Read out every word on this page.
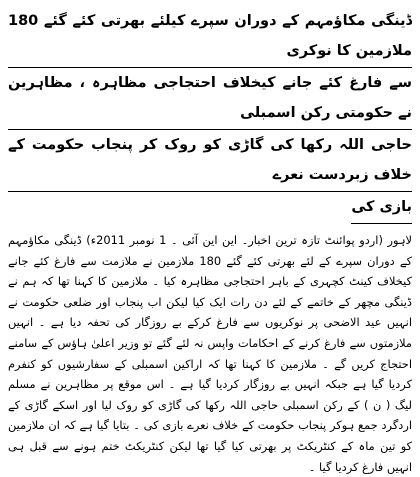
ڈینگی مکاؤمہم کے دوران سپرے کیلئے بھرتی کئے گئے 180 ملازمین کا نوکری
سے فارغ کئے جانے کیخلاف احتجاجی مظاہرہ ، مظاہرین نے حکومتی رکن اسمبلی
حاجی اللہ رکھا کی گاڑی کو روک کر پنجاب حکومت کے خلاف زبردست نعرے
بازی کی

لاہور (اردو پوائنٹ تازہ ترین اخبار۔ این این آئی ۔ 1 نومبر 2011ء) ڈینگی مکاؤمہم کے دوران سپرے کے لئے بھرتی کئے گئے 180 ملازمین نے ملازمت سے فارغ کئے جانے کیخلاف کینٹ کچہری کے باہر احتجاجی مظاہرہ کیا ۔ ملازمین کا کہنا تھا کہ ہم نے ڈینگی مچھر کے خاتمے کے لئے دن رات ایک کیا لیکن اب پنجاب اور ضلعی حکومت نے انہیں عید الاضحی پر نوکریوں سے فارغ کرکے بے روزگار کی تحفہ دیا ہے ۔ انہیں ملازمتوں سے فارغ کرنے کے احکامات واپس نہ لئے گئے تو وزیر اعلیٰ ہاؤس کے سامنے احتجاج کریں گے ۔ ملازمین کا کہنا تھا کہ اراکین اسمبلی کے سفارشیوں کو کنفرم کردیا گیا ہے جبکہ انہیں بے روزگار کردیا گیا ہے ۔ اس موقع پر مظاہرین نے مسلم لیگ ( ن ) کے رکن اسمبلی حاجی اللہ رکھا کی گاڑی کو روک لیا اور اسکے گاڑی کے اردگرد جمع ہوکر پنجاب حکومت کے خلاف نعرے بازی کی ۔ بتایا گیا ہے کہ ان ملازمین کو تین ماہ کے کنٹریکٹ پر بھرتی کیا گیا تھا لیکن کنٹریکٹ ختم ہونے سے قبل ہی انہیں فارغ کردیا گیا ۔
